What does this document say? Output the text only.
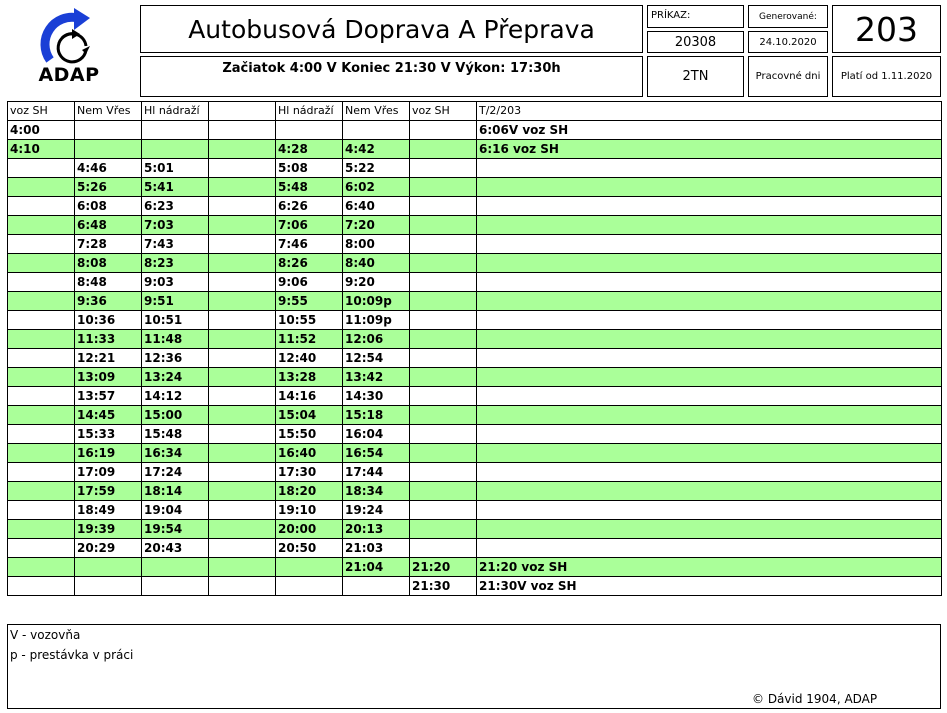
ADAP
Autobusová Doprava A Přeprava
Začiatok 4:00 V Koniec 21:30 V Výkon: 17:30h
PRÍKAZ:
20308
Generované:
24.10.2020	203
2TN	Pracovné dni	Platí od 1.11.2020
voz SH	Nem Vřes	Hl nádraží		Hl nádraží	Nem Vřes	voz SH	T/2/203
4:00							6:06V voz SH
4:10				4:28	4:42		6:16 voz SH
	4:46	5:01		5:08	5:22		
	5:26	5:41		5:48	6:02		
	6:08	6:23		6:26	6:40		
	6:48	7:03		7:06	7:20		
	7:28	7:43		7:46	8:00		
	8:08	8:23		8:26	8:40		
	8:48	9:03		9:06	9:20		
	9:36	9:51		9:55	10:09p		
	10:36	10:51		10:55	11:09p		
	11:33	11:48		11:52	12:06		
	12:21	12:36		12:40	12:54		
	13:09	13:24		13:28	13:42		
	13:57	14:12		14:16	14:30		
	14:45	15:00		15:04	15:18		
	15:33	15:48		15:50	16:04		
	16:19	16:34		16:40	16:54		
	17:09	17:24		17:30	17:44		
	17:59	18:14		18:20	18:34		
	18:49	19:04		19:10	19:24		
	19:39	19:54		20:00	20:13		
	20:29	20:43		20:50	21:03		
					21:04	21:20	21:20 voz SH
						21:30	21:30V voz SH
V - vozovňa
p - prestávka v práci
© Dávid 1904, ADAP
